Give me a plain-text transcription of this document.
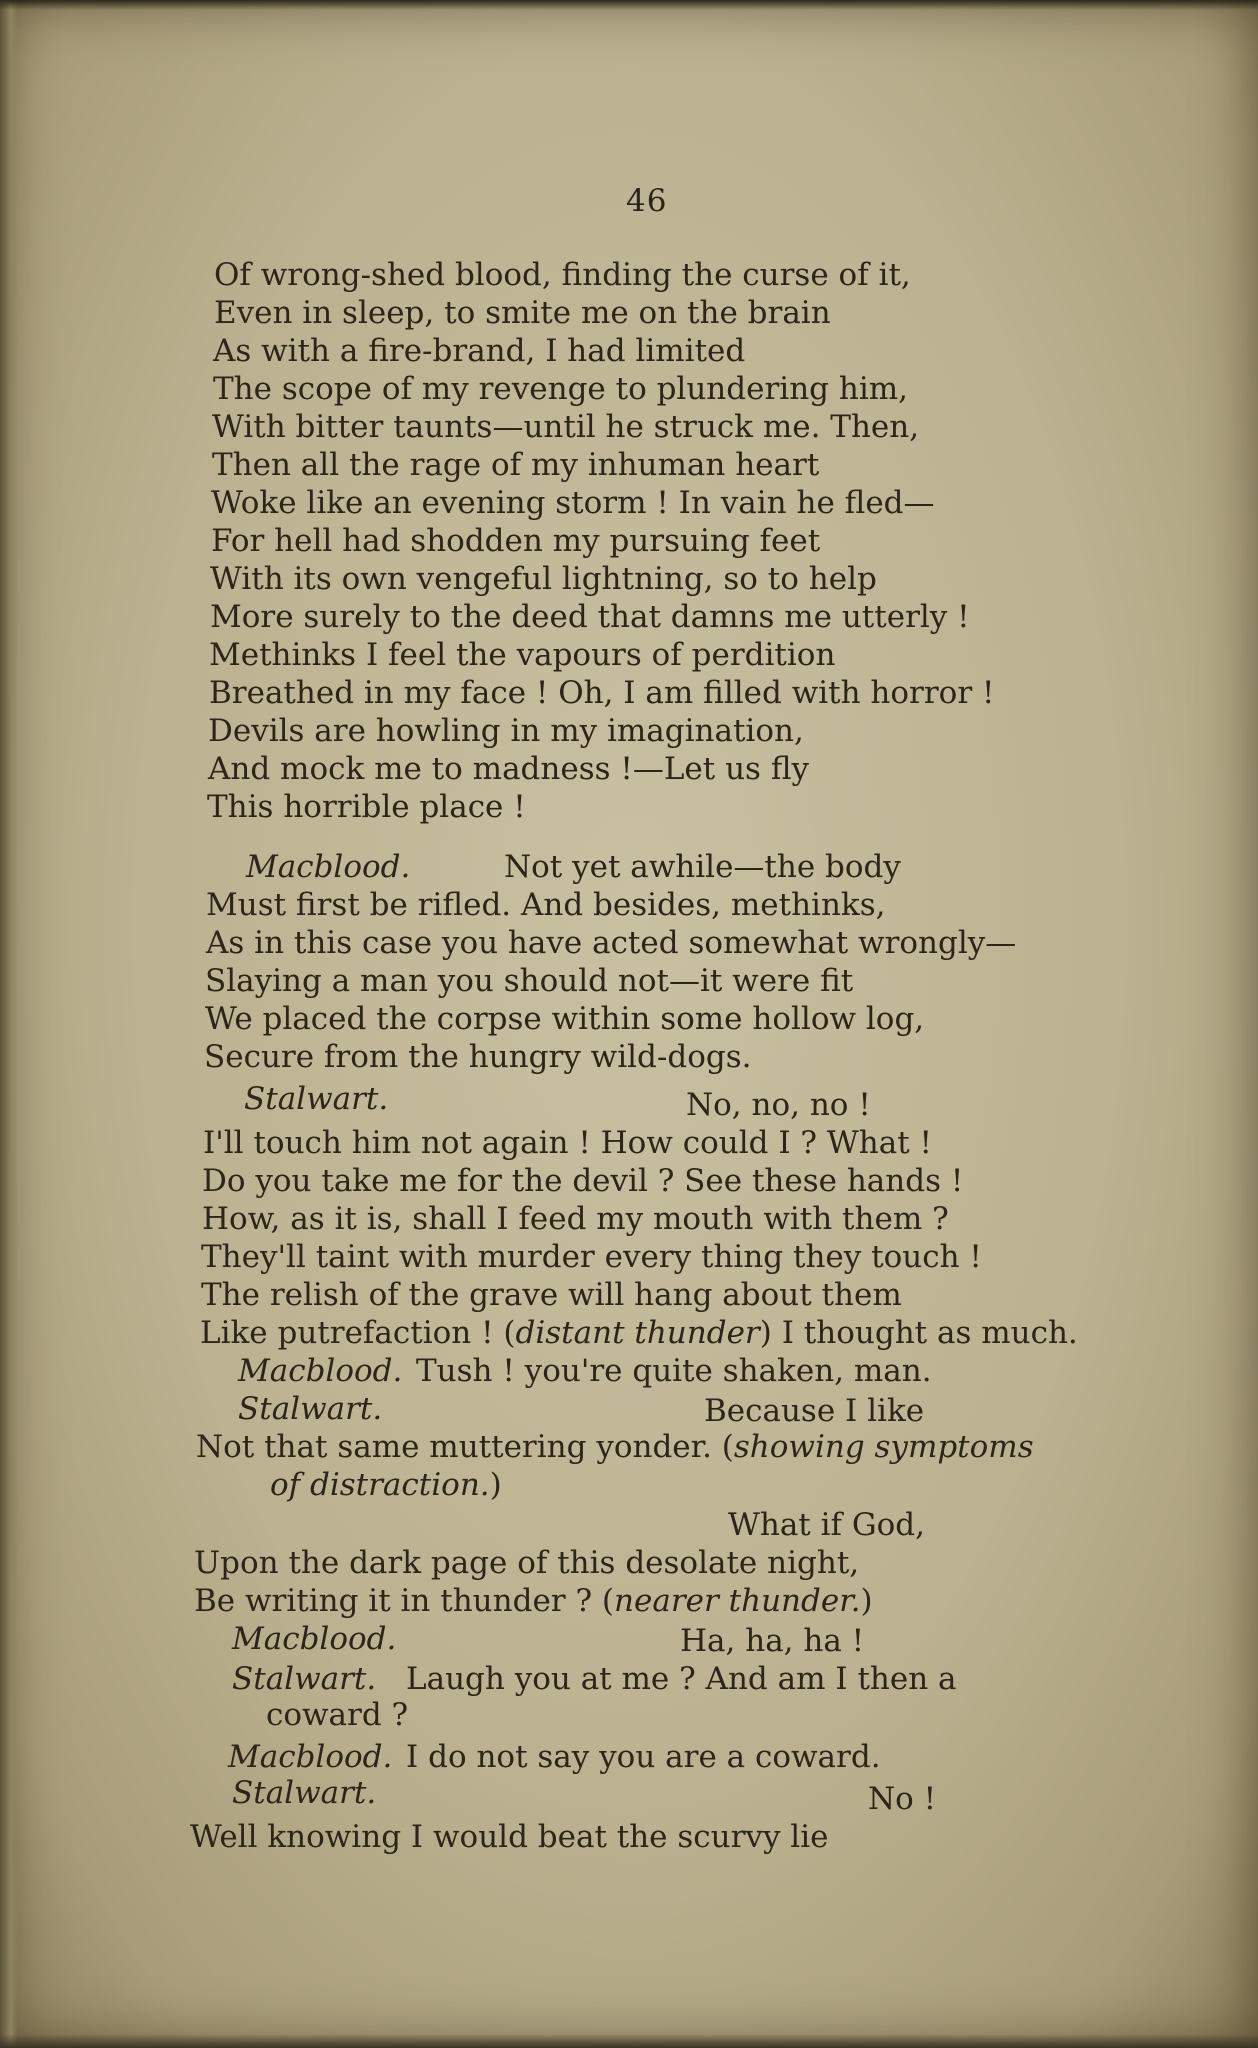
46
Of wrong-shed blood, finding the curse of it,
Even in sleep, to smite me on the brain
As with a fire-brand, I had limited
The scope of my revenge to plundering him,
With bitter taunts—until he struck me. Then,
Then all the rage of my inhuman heart
Woke like an evening storm ! In vain he fled—
For hell had shodden my pursuing feet
With its own vengeful lightning, so to help
More surely to the deed that damns me utterly !
Methinks I feel the vapours of perdition
Breathed in my face ! Oh, I am filled with horror !
Devils are howling in my imagination,
And mock me to madness !—Let us fly
This horrible place !
Macblood.	Not yet awhile—the body
Must first be rifled. And besides, methinks,
As in this case you have acted somewhat wrongly—
Slaying a man you should not—it were fit
We placed the corpse within some hollow log,
Secure from the hungry wild-dogs.
Stalwart.	No, no, no !
I'll touch him not again ! How could I ? What !
Do you take me for the devil ? See these hands !
How, as it is, shall I feed my mouth with them ?
They'll taint with murder every thing they touch !
The relish of the grave will hang about them
Like putrefaction ! (distant thunder) I thought as much.
Macblood. Tush ! you're quite shaken, man.
Stalwart.	Because I like
Not that same muttering yonder. (showing symptoms
of distraction.)
What if God,
Upon the dark page of this desolate night,
Be writing it in thunder ? (nearer thunder.)
Macblood.	Ha, ha, ha !
Stalwart. Laugh you at me ? And am I then a
coward ?
Macblood. I do not say you are a coward.
Stalwart.	No !
Well knowing I would beat the scurvy lie
